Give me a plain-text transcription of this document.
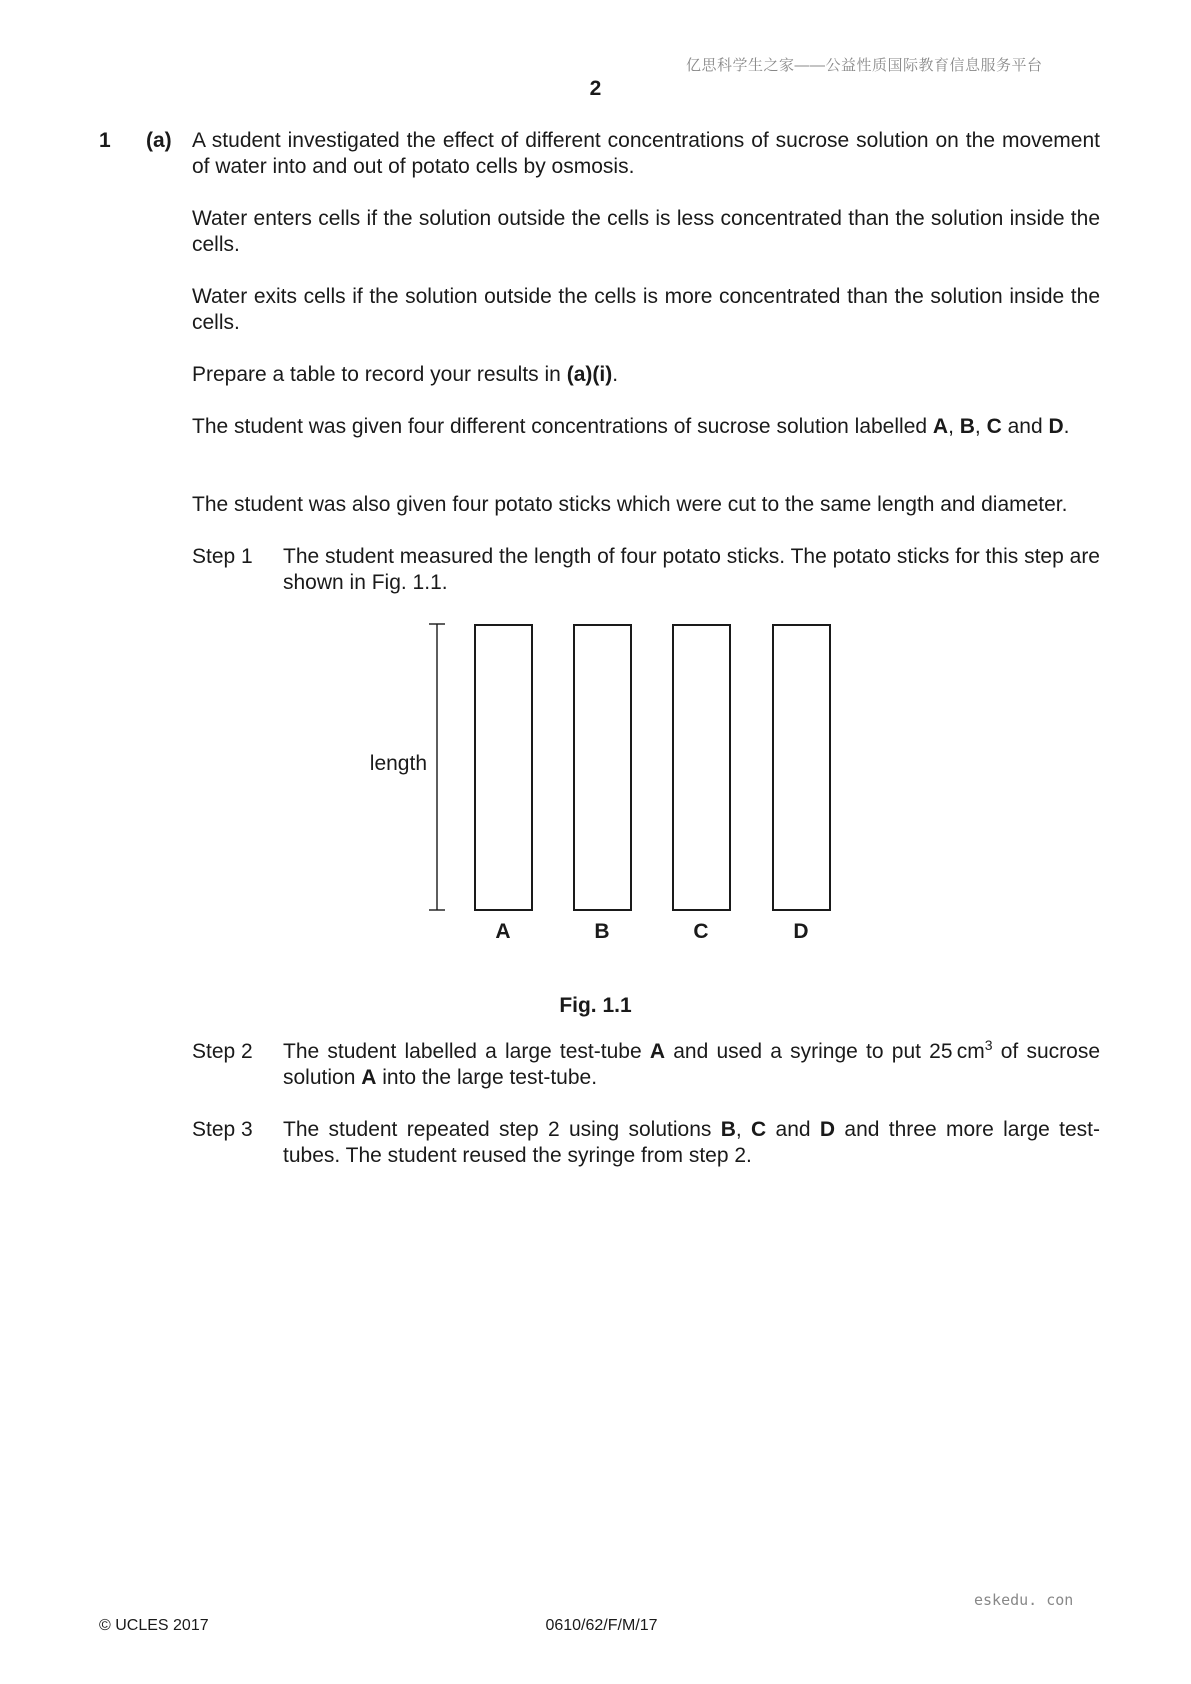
亿思科学生之家——公益性质国际教育信息服务平台
2
1 (a) A student investigated the effect of different concentrations of sucrose solution on the movement of water into and out of potato cells by osmosis.
Water enters cells if the solution outside the cells is less concentrated than the solution inside the cells.
Water exits cells if the solution outside the cells is more concentrated than the solution inside the cells.
Prepare a table to record your results in (a)(i).
The student was given four different concentrations of sucrose solution labelled A, B, C and D.
The student was also given four potato sticks which were cut to the same length and diameter.
Step 1 The student measured the length of four potato sticks. The potato sticks for this step are shown in Fig. 1.1.
length
A	B	C	D
Fig. 1.1
Step 2 The student labelled a large test-tube A and used a syringe to put 25 $cm^3$ of sucrose solution A into the large test-tube.
Step 3 The student repeated step 2 using solutions B, C and D and three more large test-tubes. The student reused the syringe from step 2.
eskedu. con
© UCLES 2017	0610/62/F/M/17
